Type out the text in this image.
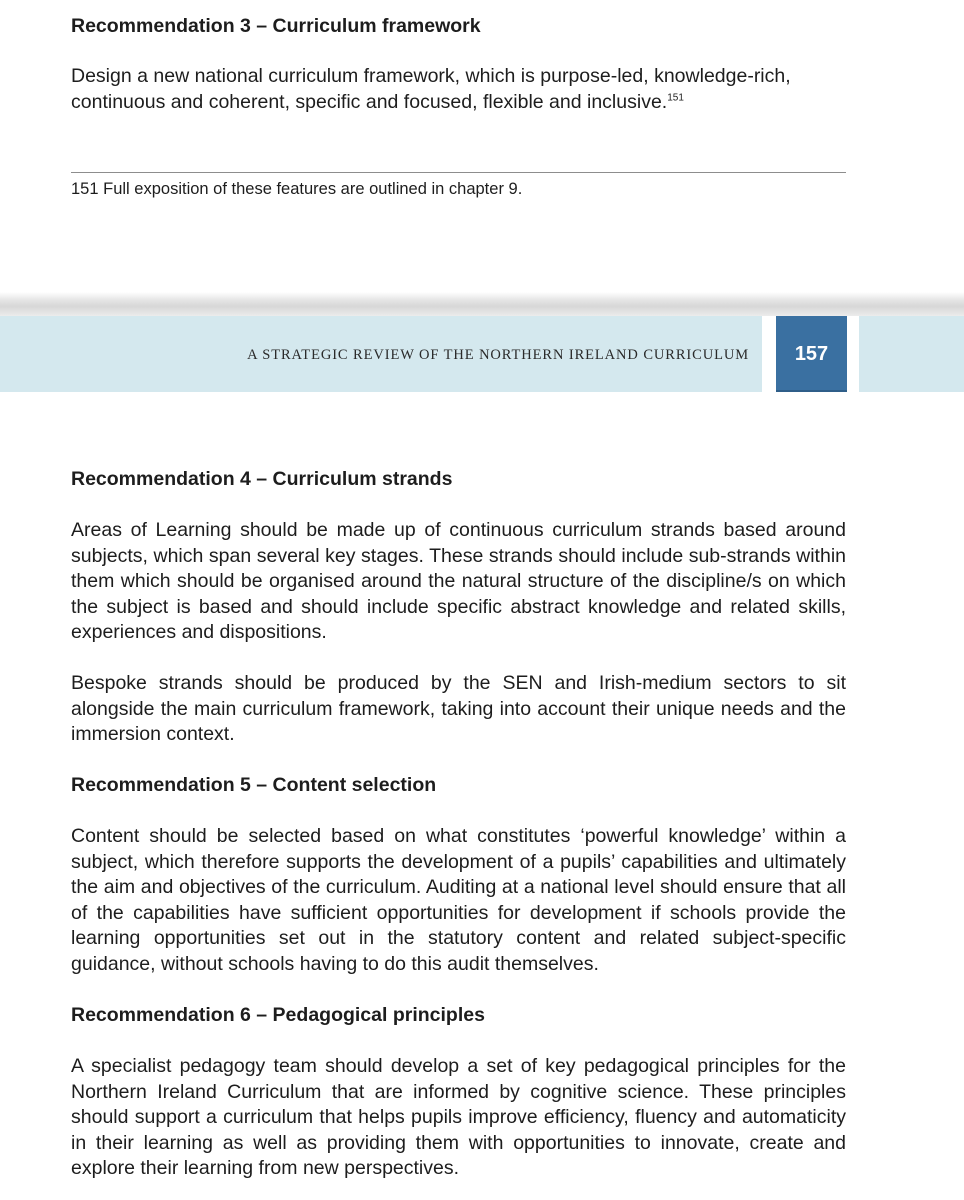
Recommendation 3 – Curriculum framework

Design a new national curriculum framework, which is purpose-led, knowledge-rich, continuous and coherent, specific and focused, flexible and inclusive.$^{151}$

151 Full exposition of these features are outlined in chapter 9.

A STRATEGIC REVIEW OF THE NORTHERN IRELAND CURRICULUM	157
Recommendation 4 – Curriculum strands

Areas of Learning should be made up of continuous curriculum strands based around subjects, which span several key stages. These strands should include sub-strands within them which should be organised around the natural structure of the discipline/s on which the subject is based and should include specific abstract knowledge and related skills, experiences and dispositions.

Bespoke strands should be produced by the SEN and Irish-medium sectors to sit alongside the main curriculum framework, taking into account their unique needs and the immersion context.

Recommendation 5 – Content selection

Content should be selected based on what constitutes ‘powerful knowledge’ within a subject, which therefore supports the development of a pupils’ capabilities and ultimately the aim and objectives of the curriculum. Auditing at a national level should ensure that all of the capabilities have sufficient opportunities for development if schools provide the learning opportunities set out in the statutory content and related subject-specific guidance, without schools having to do this audit themselves.

Recommendation 6 – Pedagogical principles

A specialist pedagogy team should develop a set of key pedagogical principles for the Northern Ireland Curriculum that are informed by cognitive science. These principles should support a curriculum that helps pupils improve efficiency, fluency and automaticity in their learning as well as providing them with opportunities to innovate, create and explore their learning from new perspectives.
